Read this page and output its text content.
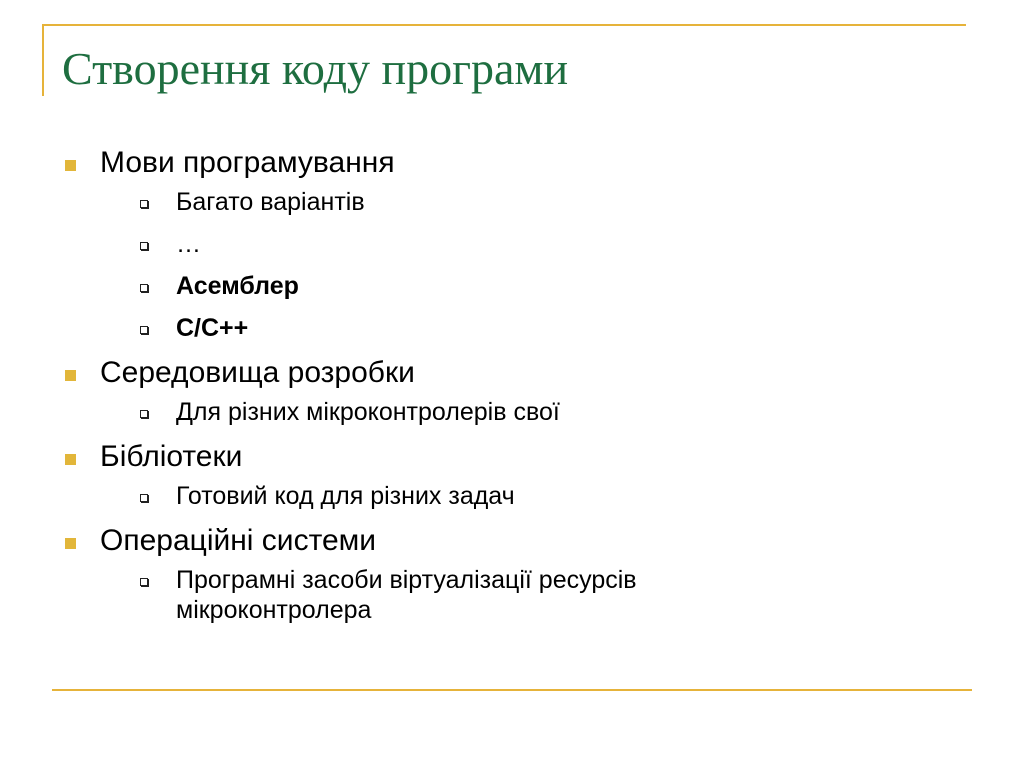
Створення коду програми
Мови програмування
Багато варіантів
…
Асемблер
C/C++
Середовища розробки
Для різних мікроконтролерів свої
Бібліотеки
Готовий код для різних задач
Операційні системи
Програмні засоби віртуалізації ресурсів мікроконтролера
